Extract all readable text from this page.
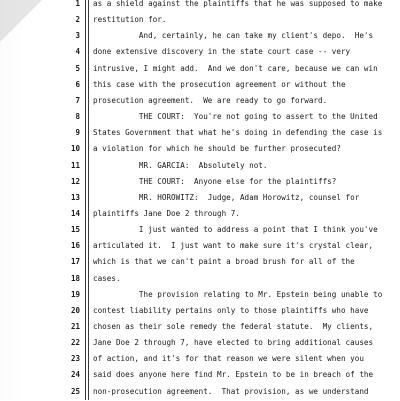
1 as a shield against the plaintiffs that he was supposed to make
2 restitution for.
3 And, certainly, he can take my client's depo.  He's
4 done extensive discovery in the state court case -- very
5 intrusive, I might add.  And we don't care, because we can win
6 this case with the prosecution agreement or without the
7 prosecution agreement.  We are ready to go forward.
8 THE COURT:  You're not going to assert to the United
9 States Government that what he's doing in defending the case is
10 a violation for which he should be further prosecuted?
11 MR. GARCIA:  Absolutely not.
12 THE COURT:  Anyone else for the plaintiffs?
13 MR. HOROWITZ:  Judge, Adam Horowitz, counsel for
14 plaintiffs Jane Doe 2 through 7.
15 I just wanted to address a point that I think you've
16 articulated it.  I just want to make sure it's crystal clear,
17 which is that we can't paint a broad brush for all of the
18 cases.
19 The provision relating to Mr. Epstein being unable to
20 contest liability pertains only to those plaintiffs who have
21 chosen as their sole remedy the federal statute.  My clients,
22 Jane Doe 2 through 7, have elected to bring additional causes
23 of action, and it's for that reason we were silent when you
24 said does anyone here find Mr. Epstein to be in breach of the
25 non-prosecution agreement.  That provision, as we understand
